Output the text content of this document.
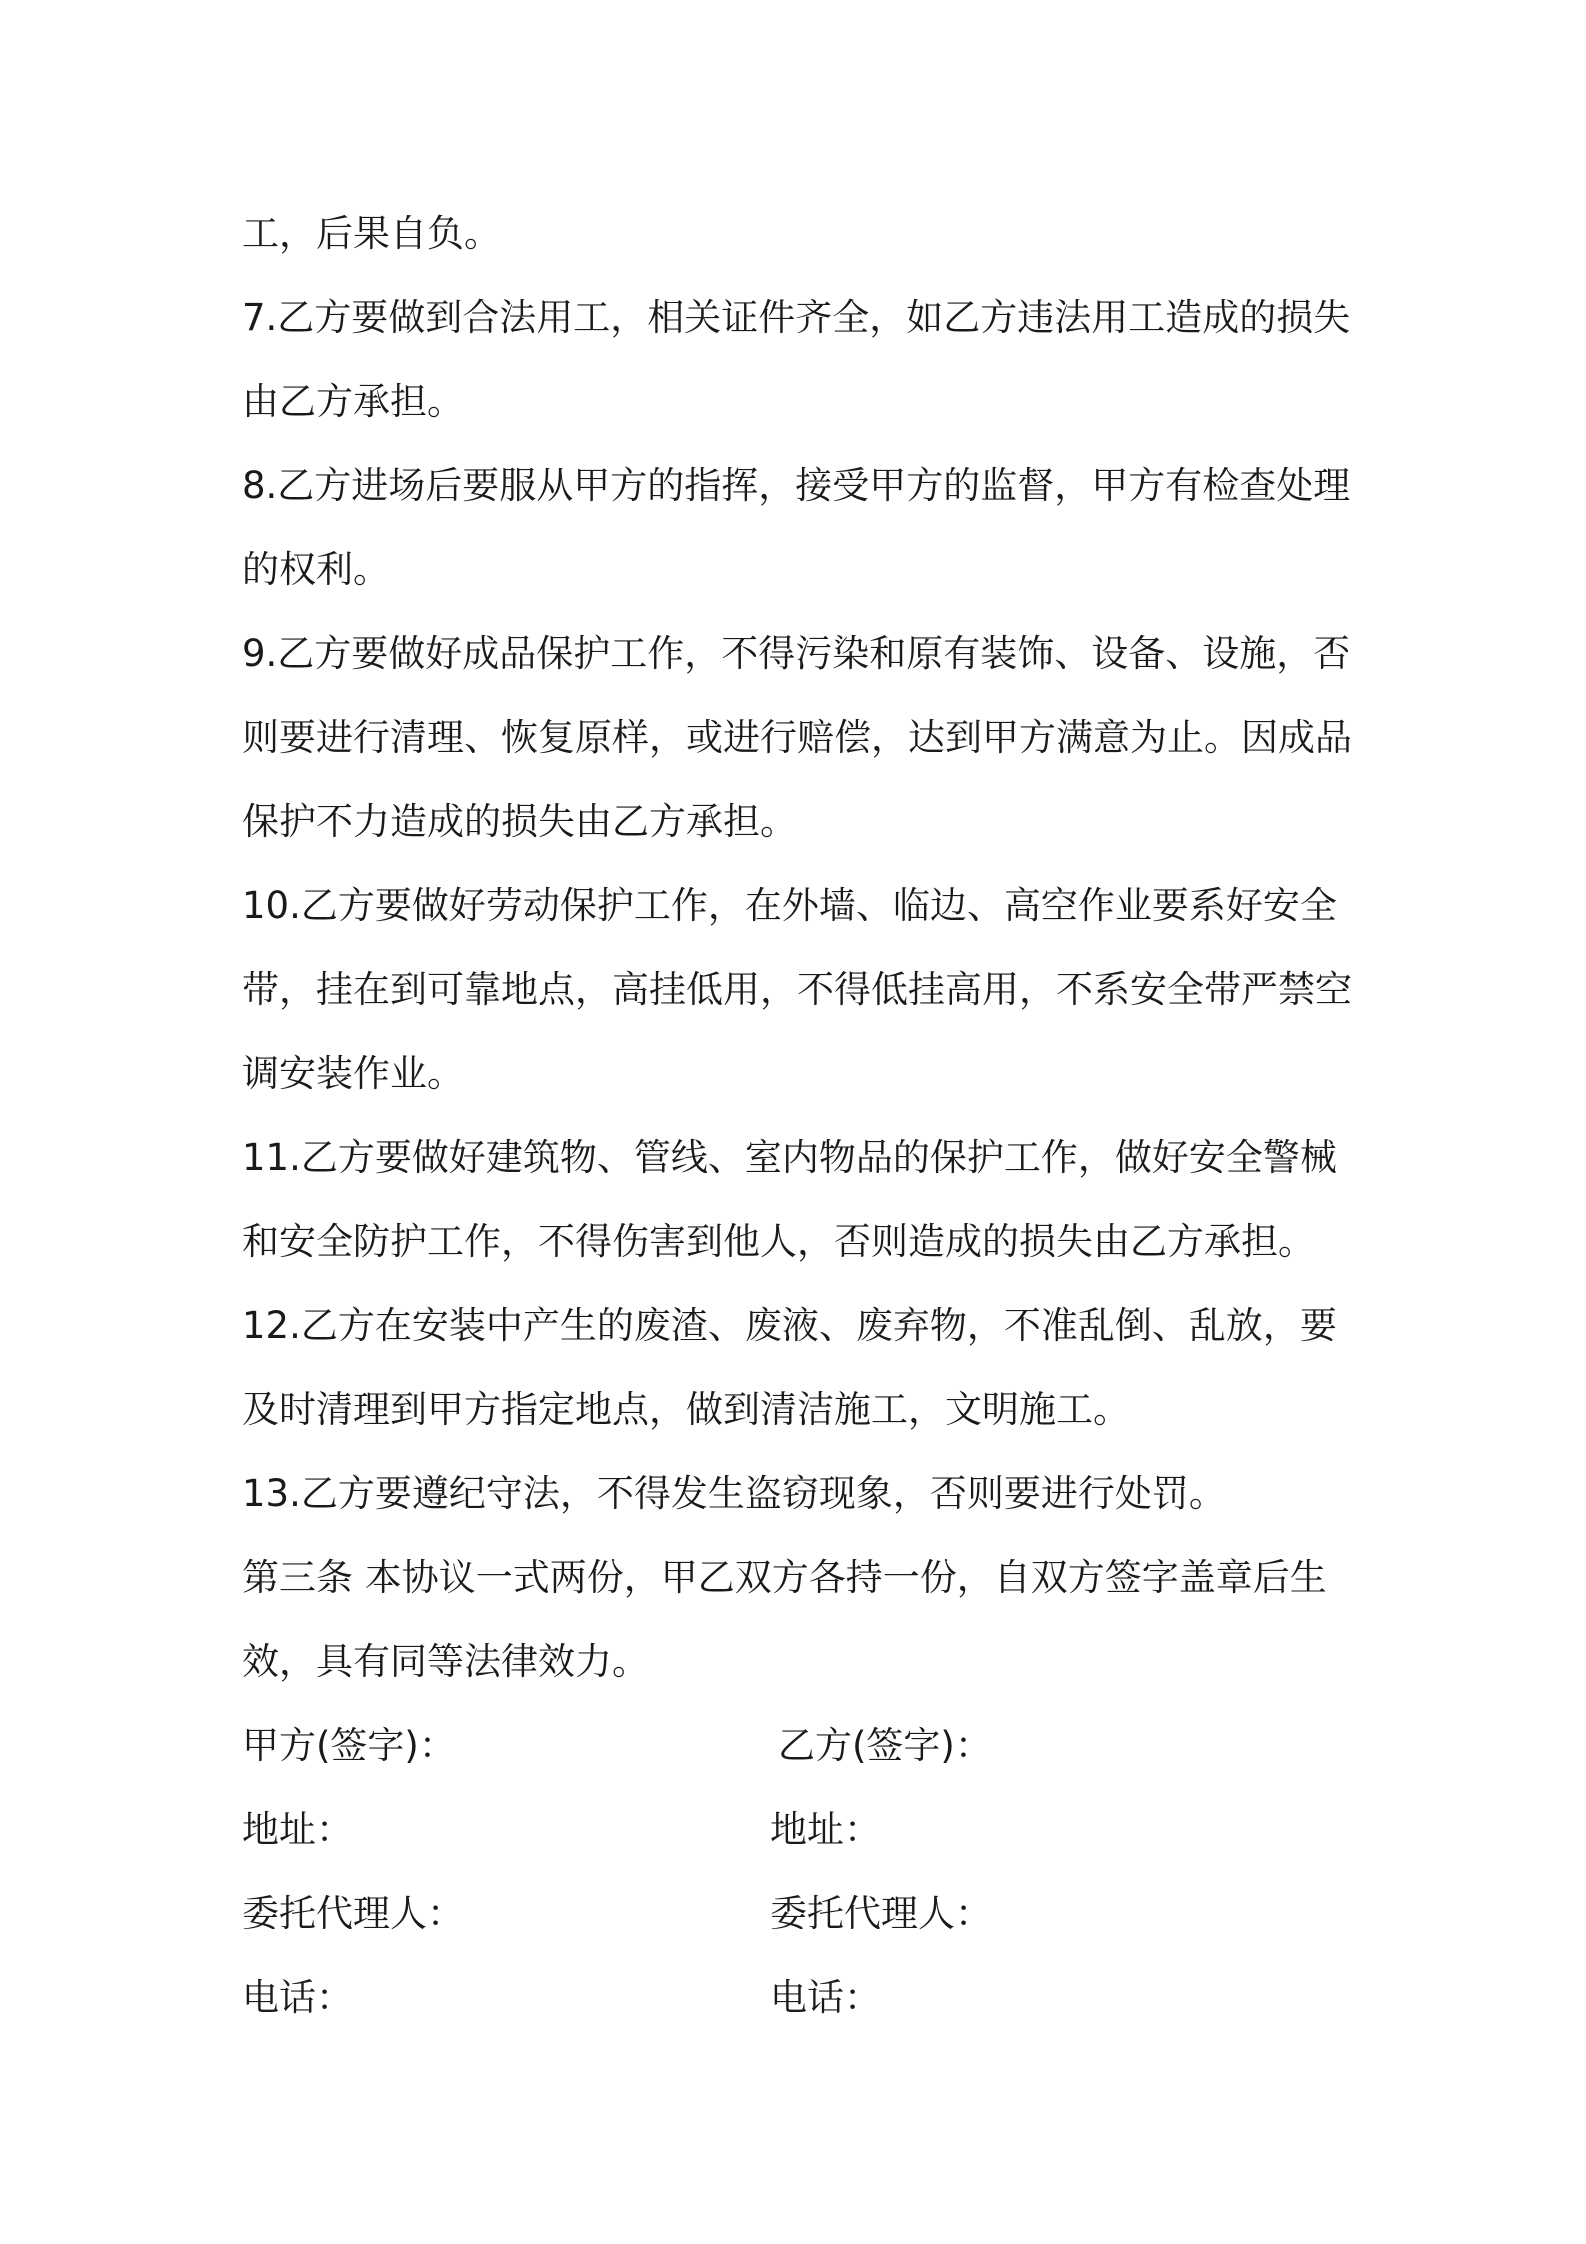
工，后果自负。

7.乙方要做到合法用工，相关证件齐全，如乙方违法用工造成的损失由乙方承担。

8.乙方进场后要服从甲方的指挥，接受甲方的监督，甲方有检查处理的权利。

9.乙方要做好成品保护工作，不得污染和原有装饰、设备、设施，否则要进行清理、恢复原样，或进行赔偿，达到甲方满意为止。因成品保护不力造成的损失由乙方承担。

10.乙方要做好劳动保护工作，在外墙、临边、高空作业要系好安全带，挂在到可靠地点，高挂低用，不得低挂高用，不系安全带严禁空调安装作业。

11.乙方要做好建筑物、管线、室内物品的保护工作，做好安全警械和安全防护工作，不得伤害到他人，否则造成的损失由乙方承担。

12.乙方在安装中产生的废渣、废液、废弃物，不准乱倒、乱放，要及时清理到甲方指定地点，做到清洁施工，文明施工。

13.乙方要遵纪守法，不得发生盗窃现象，否则要进行处罚。

第三条 本协议一式两份，甲乙双方各持一份，自双方签字盖章后生效，具有同等法律效力。

甲方(签字)：	乙方(签字)：
地址：	地址：
委托代理人：	委托代理人：
电话：	电话：
